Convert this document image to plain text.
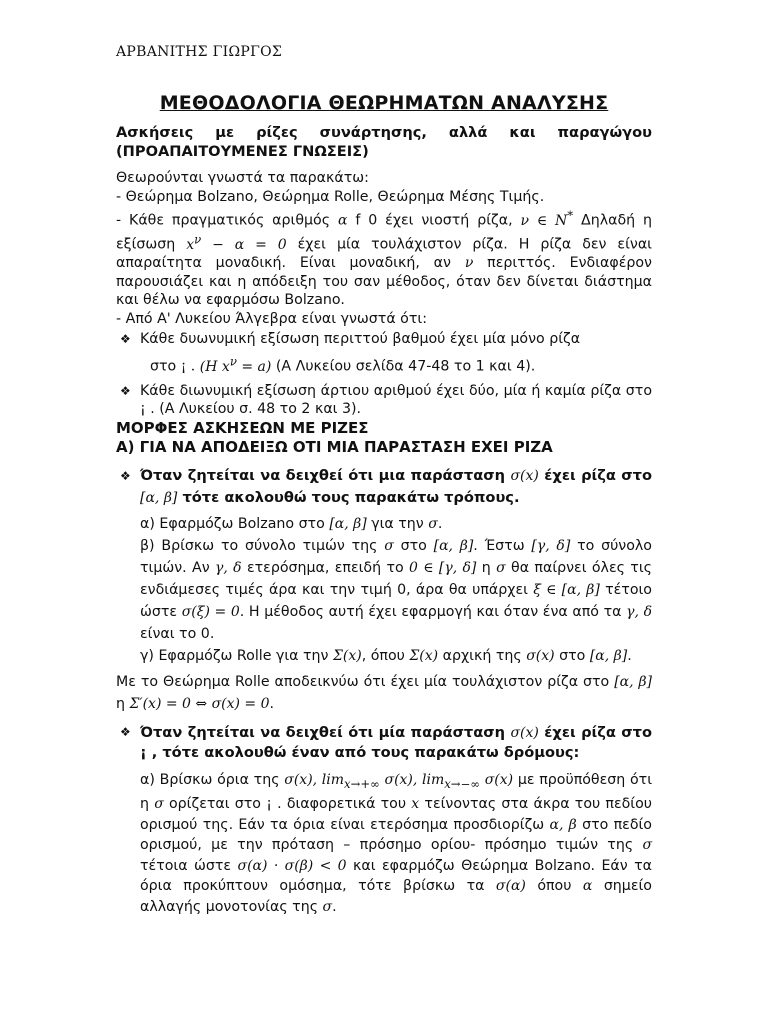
ΑΡΒΑΝΙΤΗΣ ΓΙΩΡΓΟΣ
ΜΕΘΟΔΟΛΟΓΙΑ ΘΕΩΡΗΜΑΤΩΝ ΑΝΑΛΥΣΗΣ
Ασκήσεις με ρίζες συνάρτησης, αλλά και παραγώγου (ΠΡΟΑΠΑΙΤΟΥΜΕΝΕΣ ΓΝΩΣΕΙΣ)
Θεωρούνται γνωστά τα παρακάτω:
- Θεώρημα Bolzano, Θεώρημα Rolle, Θεώρημα Μέσης Τιμής.
- Κάθε πραγματικός αριθμός α f 0 έχει νιοστή ρίζα, ν ∈ N* Δηλαδή η εξίσωση $x^\nu - \alpha = 0$ έχει μία τουλάχιστον ρίζα. Η ρίζα δεν είναι απαραίτητα μοναδική. Είναι μοναδική, αν ν περιττός. Ενδιαφέρον παρουσιάζει και η απόδειξη του σαν μέθοδος, όταν δεν δίνεται διάστημα και θέλω να εφαρμόσω Bolzano.
- Από Α' Λυκείου Άλγεβρα είναι γνωστά ότι:
❖ Κάθε δυωνυμική εξίσωση περιττού βαθμού έχει μία μόνο ρίζα
στο ¡ . (Η $x^\nu = a$) (Α Λυκείου σελίδα 47-48 το 1 και 4).
❖ Κάθε διωνυμική εξίσωση άρτιου αριθμού έχει δύο, μία ή καμία ρίζα στο ¡ . (Α Λυκείου σ. 48 το 2 και 3).
ΜΟΡΦΕΣ ΑΣΚΗΣΕΩΝ ΜΕ ΡΙΖΕΣ
Α) ΓΙΑ ΝΑ ΑΠΟΔΕΙΞΩ ΟΤΙ ΜΙΑ ΠΑΡΑΣΤΑΣΗ ΕΧΕΙ ΡΙΖΑ
❖ Όταν ζητείται να δειχθεί ότι μια παράσταση σ(x) έχει ρίζα στο [α, β] τότε ακολουθώ τους παρακάτω τρόπους.
α) Εφαρμόζω Bolzano στο [α, β] για την σ.
β) Βρίσκω το σύνολο τιμών της σ στο [α, β]. Έστω [γ, δ] το σύνολο τιμών. Αν γ, δ ετερόσημα, επειδή το 0 ∈ [γ, δ] η σ θα παίρνει όλες τις ενδιάμεσες τιμές άρα και την τιμή 0, άρα θα υπάρχει ξ ∈ [α, β] τέτοιο ώστε σ(ξ) = 0. Η μέθοδος αυτή έχει εφαρμογή και όταν ένα από τα γ, δ είναι το 0.
γ) Εφαρμόζω Rolle για την Σ(x), όπου Σ(x) αρχική της σ(x) στο [α, β].
Με το Θεώρημα Rolle αποδεικνύω ότι έχει μία τουλάχιστον ρίζα στο [α, β] η Σ′(x) = 0 ⇔ σ(x) = 0.
❖ Όταν ζητείται να δειχθεί ότι μία παράσταση σ(x) έχει ρίζα στο ¡ , τότε ακολουθώ έναν από τους παρακάτω δρόμους:
α) Βρίσκω όρια της σ(x), $\lim_{x\to+\infty} \sigma(x)$, $\lim_{x\to-\infty} \sigma(x)$ με προϋπόθεση ότι η σ ορίζεται στο ¡ . διαφορετικά του x τείνοντας στα άκρα του πεδίου ορισμού της. Εάν τα όρια είναι ετερόσημα προσδιορίζω α, β στο πεδίο ορισμού, με την πρόταση – πρόσημο ορίου- πρόσημο τιμών της σ τέτοια ώστε σ(α) · σ(β) < 0 και εφαρμόζω Θεώρημα Bolzano. Εάν τα όρια προκύπτουν ομόσημα, τότε βρίσκω τα σ(α) όπου α σημείο αλλαγής μονοτονίας της σ.
